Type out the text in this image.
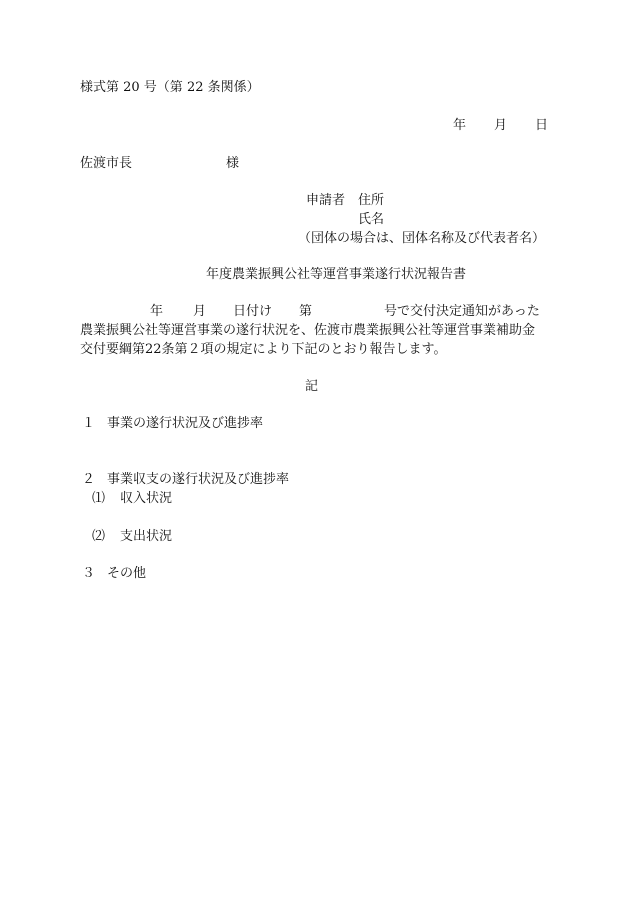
様式第 20 号（第 22 条関係）
年 月 日
佐渡市長	様
申請者 住所
氏名
（団体の場合は、団体名称及び代表者名）
年度農業振興公社等運営事業遂行状況報告書
年 月 日付け 第	号で交付決定通知があった
農業振興公社等運営事業の遂行状況を、佐渡市農業振興公社等運営事業補助金
交付要綱第22条第２項の規定により下記のとおり報告します。
記
１ 事業の遂行状況及び進捗率
２ 事業収支の遂行状況及び進捗率
⑴ 収入状況
⑵ 支出状況
３ その他
